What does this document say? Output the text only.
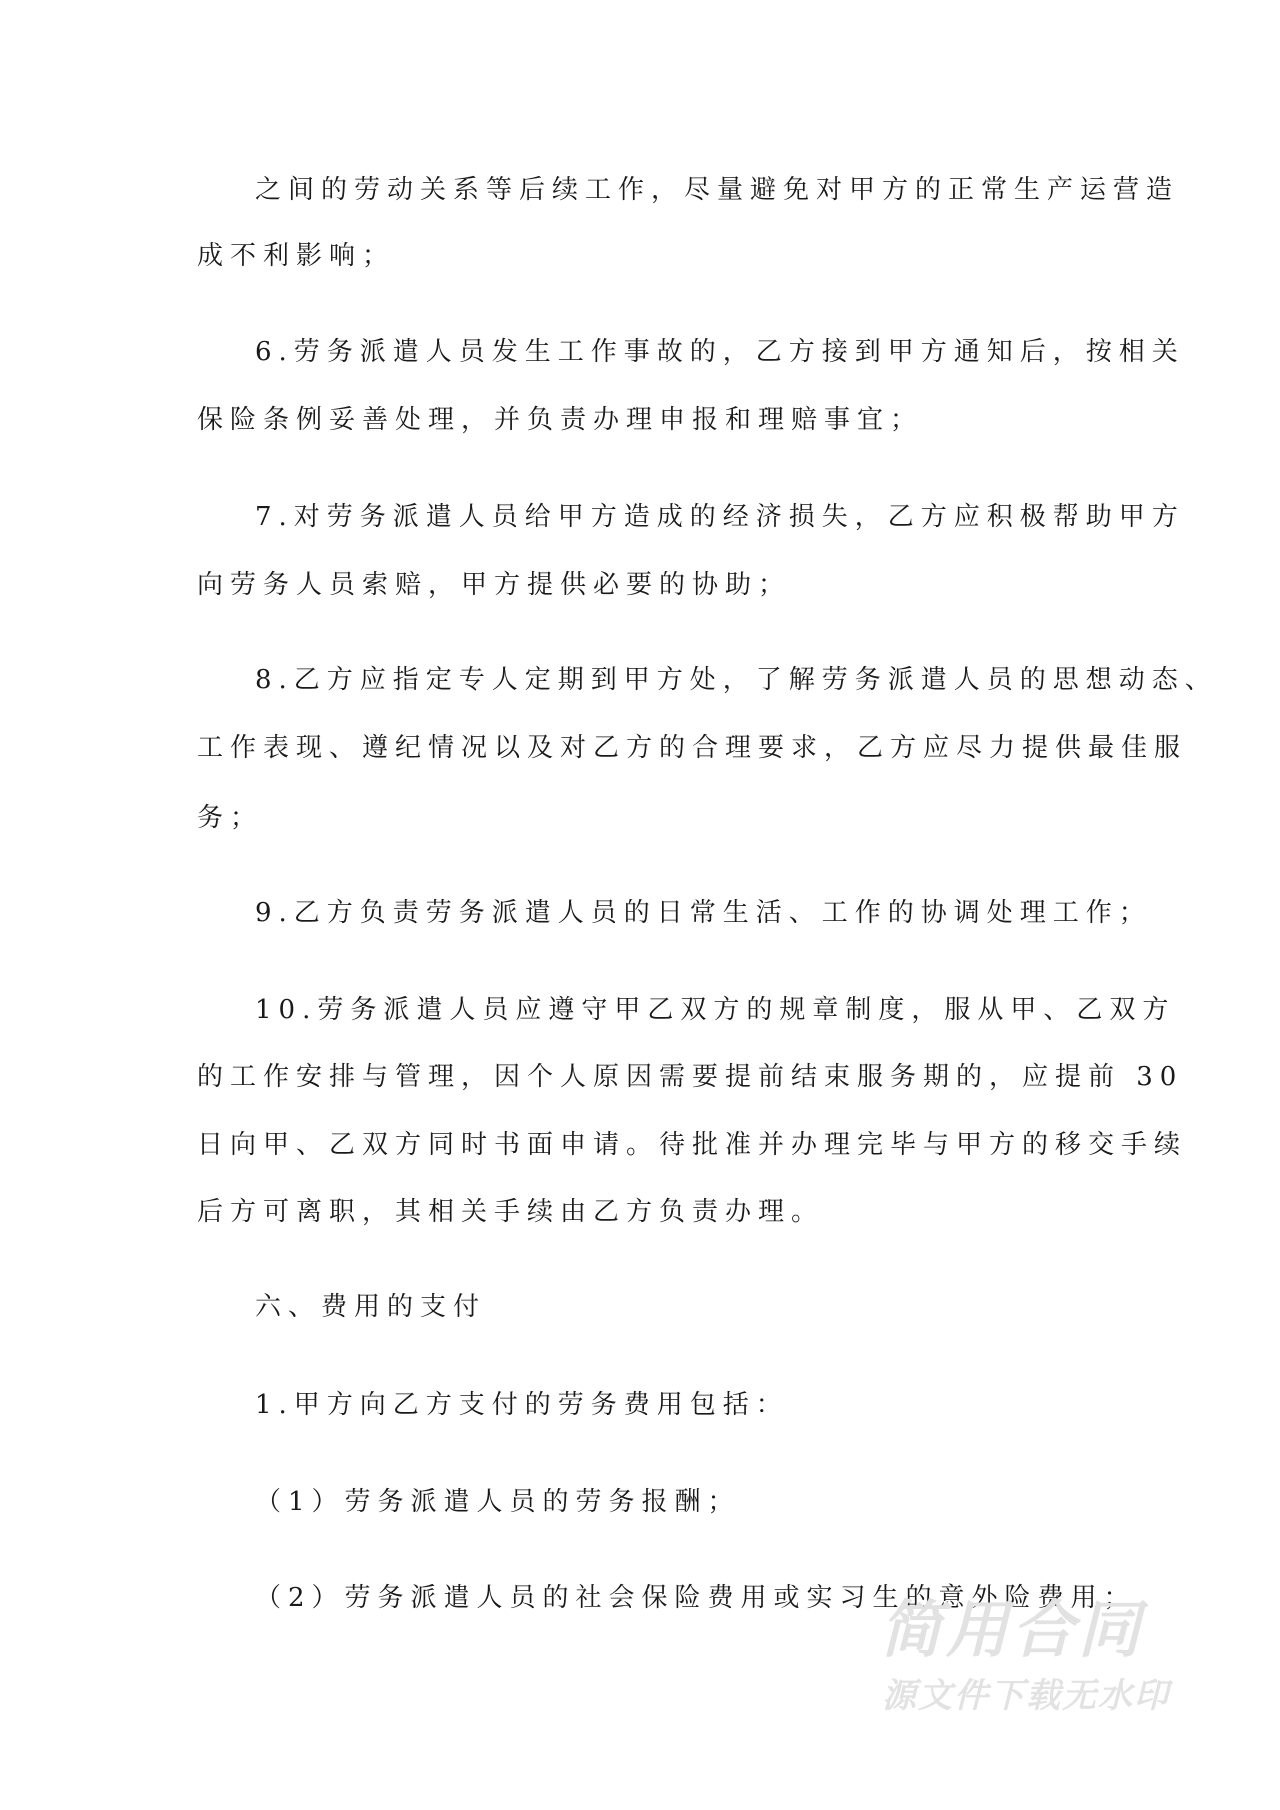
之间的劳动关系等后续工作，尽量避免对甲方的正常生产运营造
成不利影响；
6.劳务派遣人员发生工作事故的，乙方接到甲方通知后，按相关
保险条例妥善处理，并负责办理申报和理赔事宜；
7.对劳务派遣人员给甲方造成的经济损失，乙方应积极帮助甲方
向劳务人员索赔，甲方提供必要的协助；
8.乙方应指定专人定期到甲方处，了解劳务派遣人员的思想动态、
工作表现、遵纪情况以及对乙方的合理要求，乙方应尽力提供最佳服
务；
9.乙方负责劳务派遣人员的日常生活、工作的协调处理工作；
10.劳务派遣人员应遵守甲乙双方的规章制度，服从甲、乙双方
的工作安排与管理，因个人原因需要提前结束服务期的，应提前 30
日向甲、乙双方同时书面申请。待批准并办理完毕与甲方的移交手续
后方可离职，其相关手续由乙方负责办理。
六、费用的支付
1.甲方向乙方支付的劳务费用包括：
（1）劳务派遣人员的劳务报酬；
（2）劳务派遣人员的社会保险费用或实习生的意外险费用；
简用合同
源文件下载无水印
